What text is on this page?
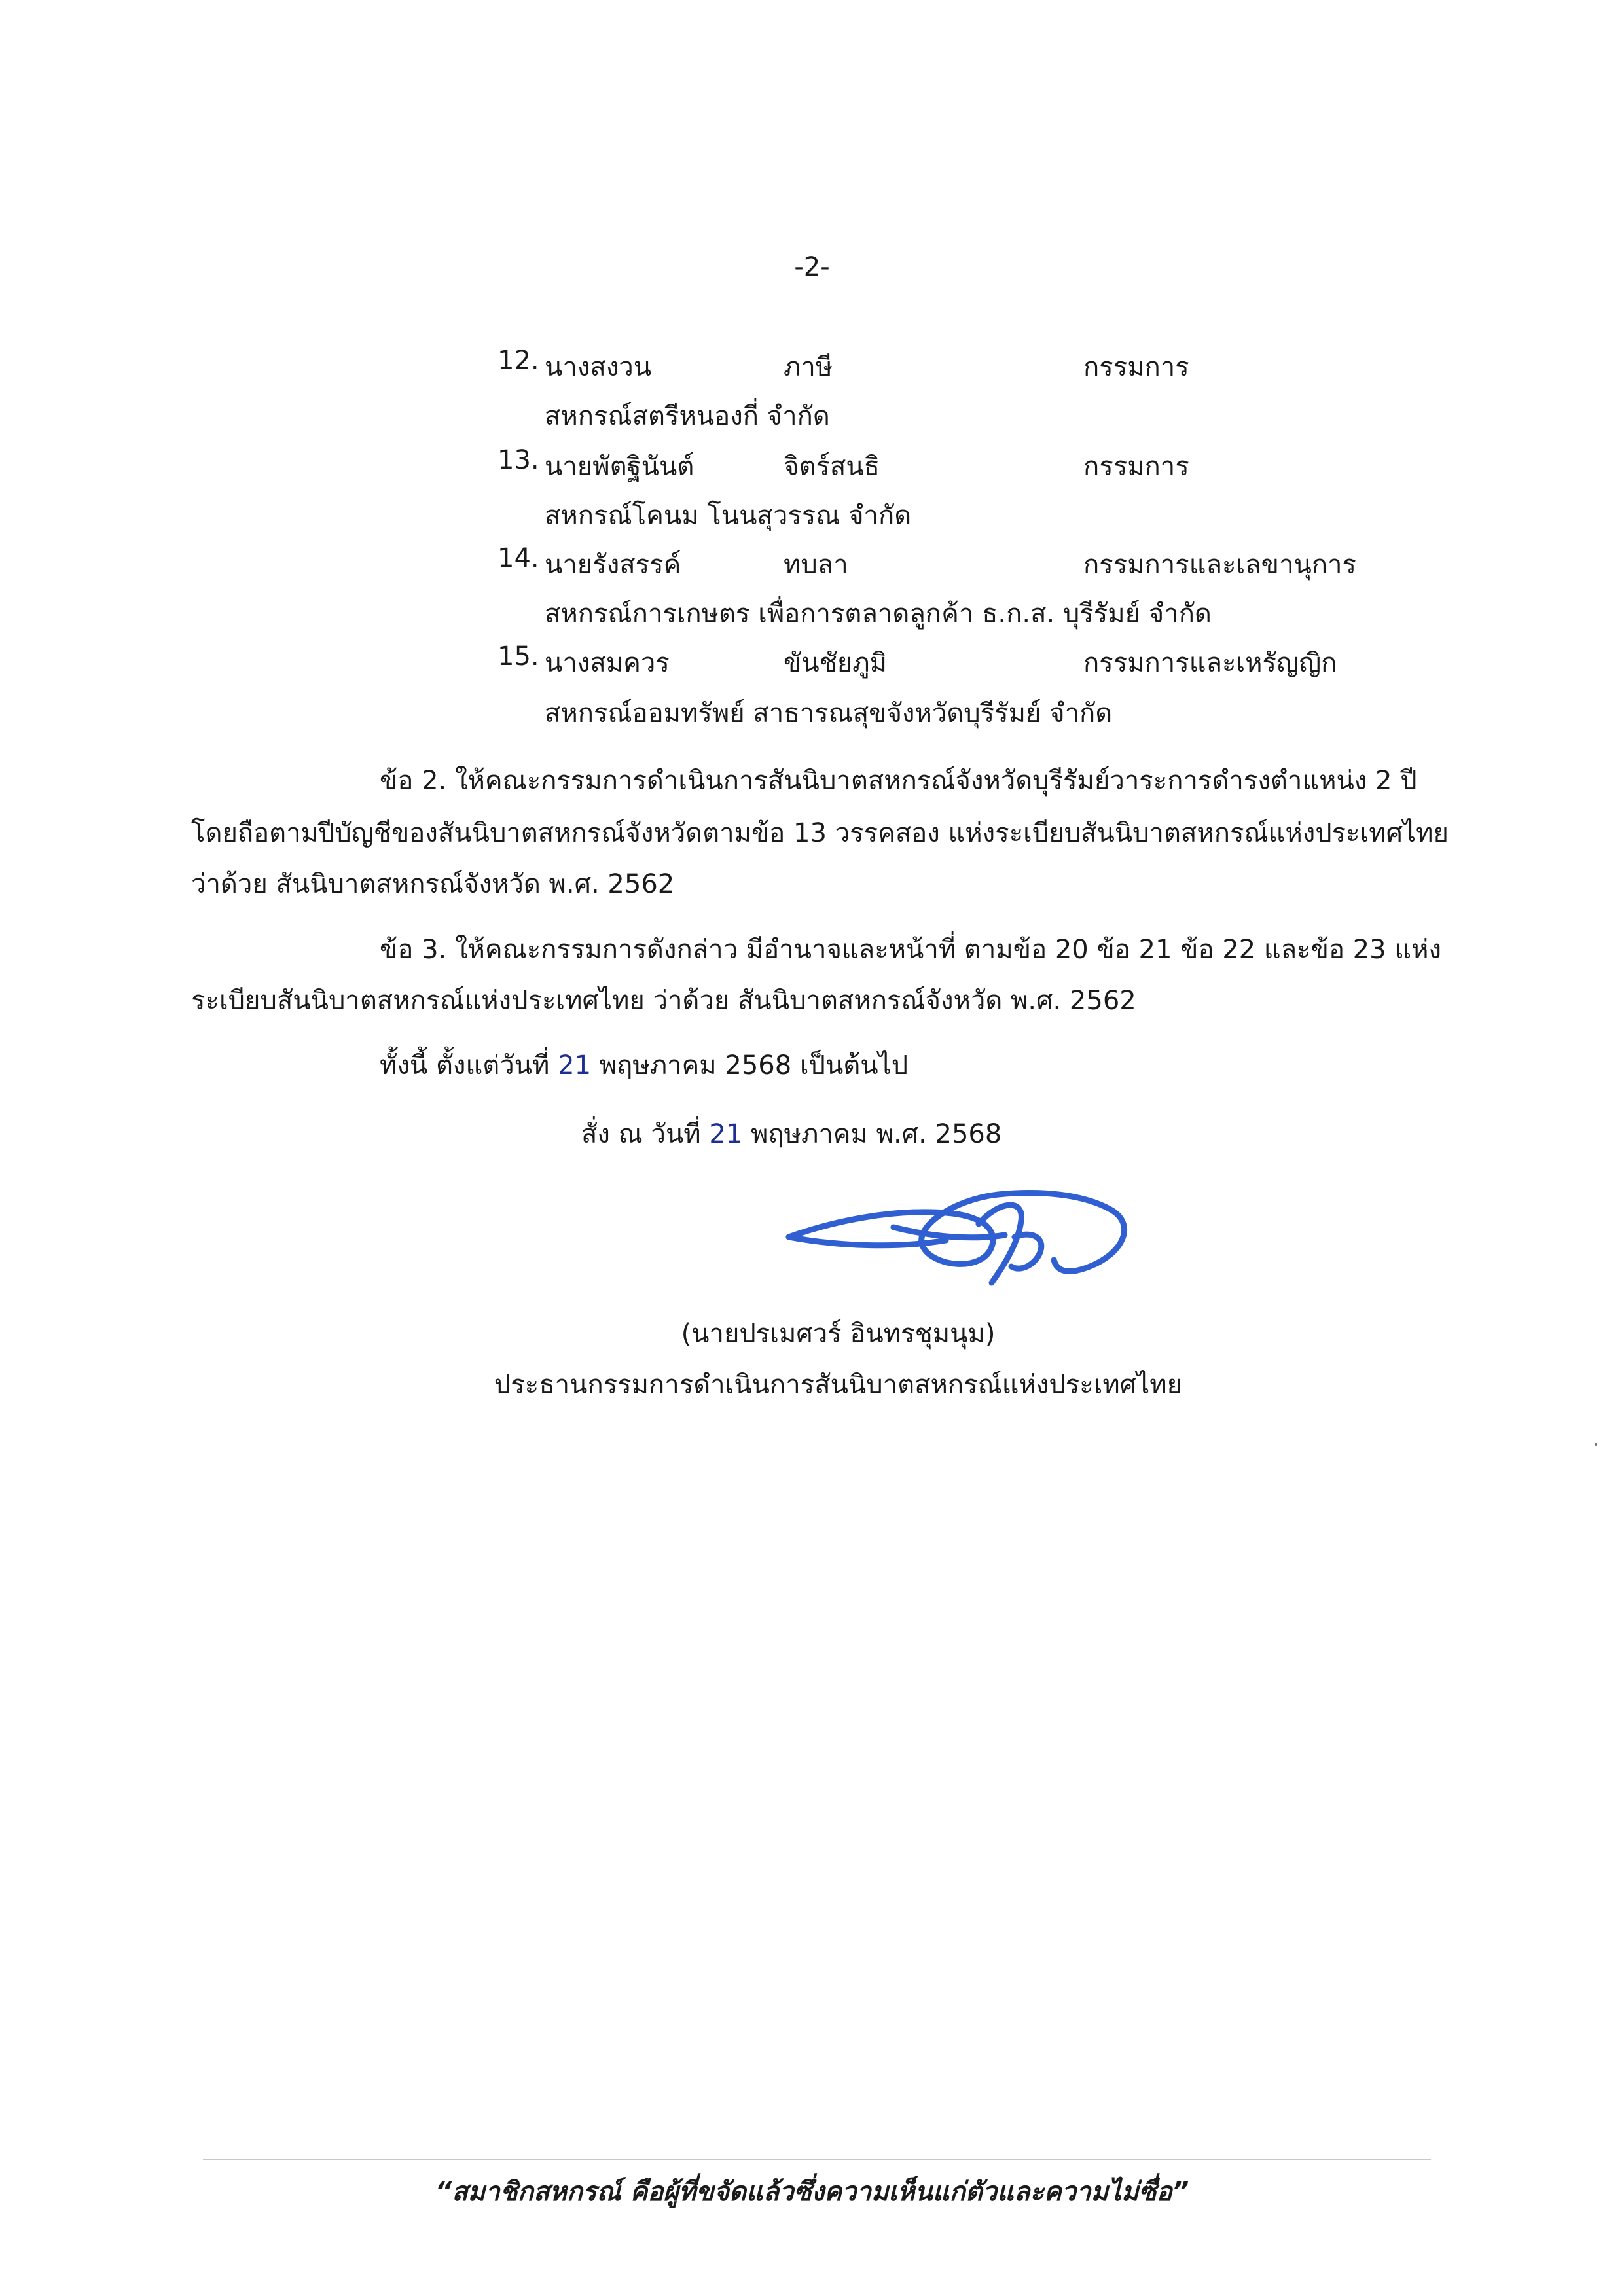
-2-
12. นางสงวน	ภาษี	กรรมการ
สหกรณ์สตรีหนองกี่ จำกัด
13. นายพัตฐินันต์	จิตร์สนธิ	กรรมการ
สหกรณ์โคนม โนนสุวรรณ จำกัด
14. นายรังสรรค์	ทบลา	กรรมการและเลขานุการ
สหกรณ์การเกษตร เพื่อการตลาดลูกค้า ธ.ก.ส. บุรีรัมย์ จำกัด
15. นางสมควร	ขันชัยภูมิ	กรรมการและเหรัญญิก
สหกรณ์ออมทรัพย์ สาธารณสุขจังหวัดบุรีรัมย์ จำกัด
ข้อ 2. ให้คณะกรรมการดำเนินการสันนิบาตสหกรณ์จังหวัดบุรีรัมย์วาระการดำรงตำแหน่ง 2 ปี
โดยถือตามปีบัญชีของสันนิบาตสหกรณ์จังหวัดตามข้อ 13 วรรคสอง แห่งระเบียบสันนิบาตสหกรณ์แห่งประเทศไทย
ว่าด้วย สันนิบาตสหกรณ์จังหวัด พ.ศ. 2562
ข้อ 3. ให้คณะกรรมการดังกล่าว มีอำนาจและหน้าที่ ตามข้อ 20 ข้อ 21 ข้อ 22 และข้อ 23 แห่ง
ระเบียบสันนิบาตสหกรณ์แห่งประเทศไทย ว่าด้วย สันนิบาตสหกรณ์จังหวัด พ.ศ. 2562
ทั้งนี้ ตั้งแต่วันที่ 21 พฤษภาคม 2568 เป็นต้นไป
สั่ง ณ วันที่ 21 พฤษภาคม พ.ศ. 2568
(นายปรเมศวร์ อินทรชุมนุม)
ประธานกรรมการดำเนินการสันนิบาตสหกรณ์แห่งประเทศไทย
“สมาชิกสหกรณ์ คือผู้ที่ขจัดแล้วซึ่งความเห็นแก่ตัวและความไม่ซื่อ”
